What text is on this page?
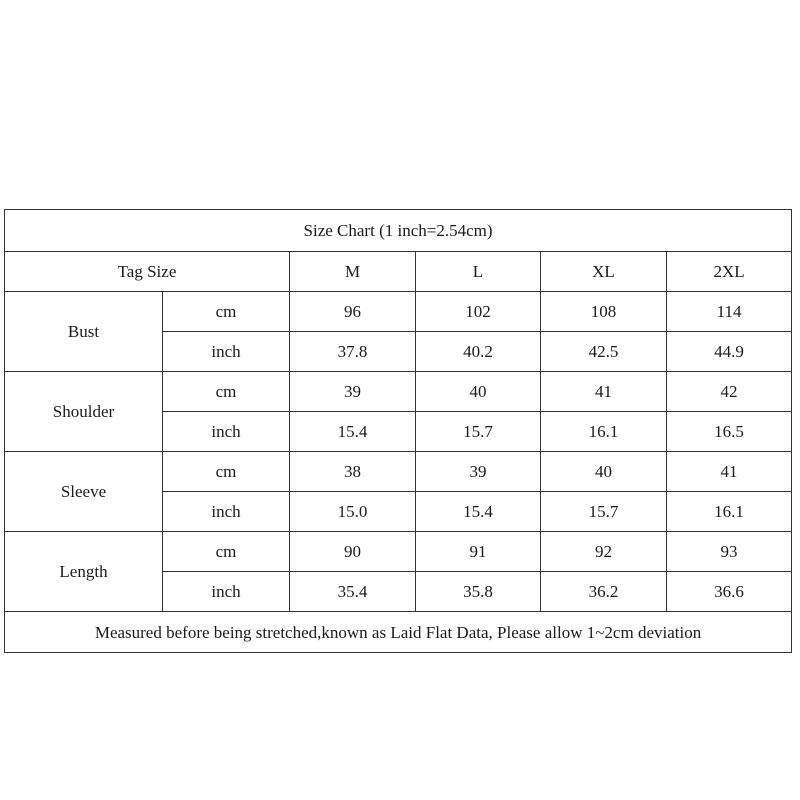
Size Chart (1 inch=2.54cm)					
Tag Size		M	L	XL	2XL
Bust	cm	96	102	108	114
	inch	37.8	40.2	42.5	44.9
Shoulder	cm	39	40	41	42
	inch	15.4	15.7	16.1	16.5
Sleeve	cm	38	39	40	41
	inch	15.0	15.4	15.7	16.1
Length	cm	90	91	92	93
	inch	35.4	35.8	36.2	36.6
Measured before being stretched,known as Laid Flat Data, Please allow 1~2cm deviation					
